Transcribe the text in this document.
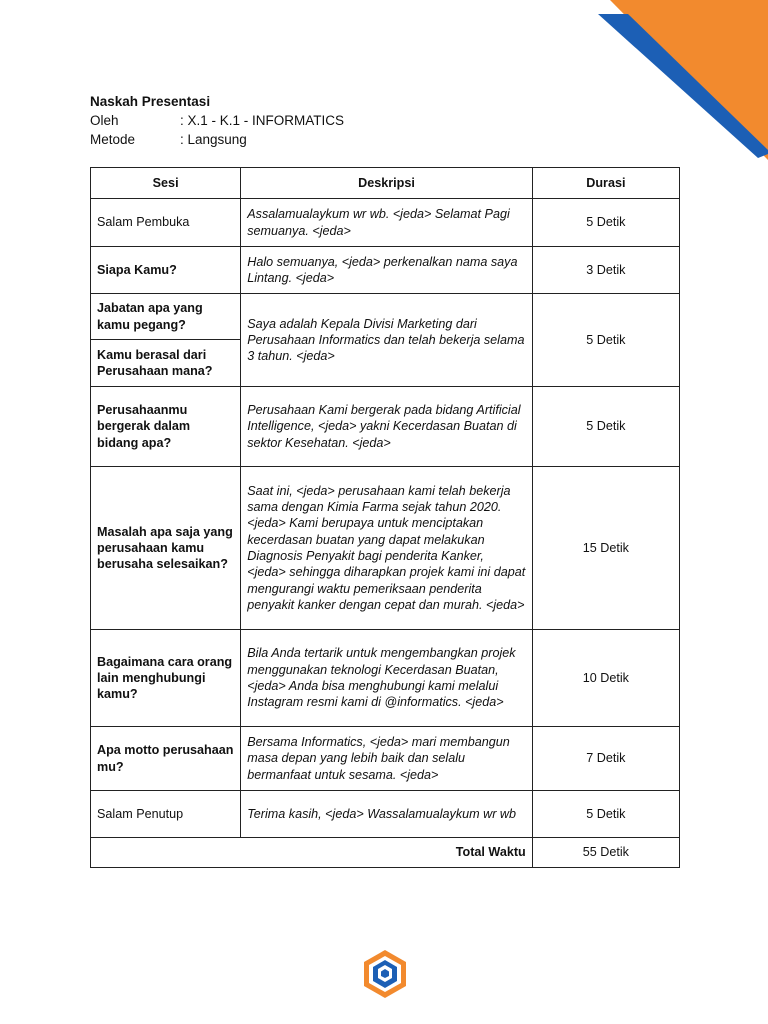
Naskah Presentasi
Oleh	: X.1 - K.1 - INFORMATICS
Metode	: Langsung
Sesi	Deskripsi	Durasi
Salam Pembuka	Assalamualaykum wr wb. <jeda> Selamat Pagi semuanya. <jeda>	5 Detik
Siapa Kamu?	Halo semuanya, <jeda> perkenalkan nama saya Lintang. <jeda>	3 Detik
Jabatan apa yang kamu pegang?	Saya adalah Kepala Divisi Marketing dari Perusahaan Informatics dan telah bekerja selama 3 tahun. <jeda>	5 Detik
Kamu berasal dari Perusahaan mana?		
Perusahaanmu bergerak dalam bidang apa?	Perusahaan Kami bergerak pada bidang Artificial Intelligence, <jeda> yakni Kecerdasan Buatan di sektor Kesehatan. <jeda>	5 Detik
Masalah apa saja yang perusahaan kamu berusaha selesaikan?	Saat ini, <jeda> perusahaan kami telah bekerja sama dengan Kimia Farma sejak tahun 2020. <jeda> Kami berupaya untuk menciptakan kecerdasan buatan yang dapat melakukan Diagnosis Penyakit bagi penderita Kanker, <jeda> sehingga diharapkan projek kami ini dapat mengurangi waktu pemeriksaan penderita penyakit kanker dengan cepat dan murah. <jeda>	15 Detik
Bagaimana cara orang lain menghubungi kamu?	Bila Anda tertarik untuk mengembangkan projek menggunakan teknologi Kecerdasan Buatan, <jeda> Anda bisa menghubungi kami melalui Instagram resmi kami di @informatics. <jeda>	10 Detik
Apa motto perusahaan mu?	Bersama Informatics, <jeda> mari membangun masa depan yang lebih baik dan selalu bermanfaat untuk sesama. <jeda>	7 Detik
Salam Penutup	Terima kasih, <jeda> Wassalamualaykum wr wb	5 Detik
Total Waktu		55 Detik
